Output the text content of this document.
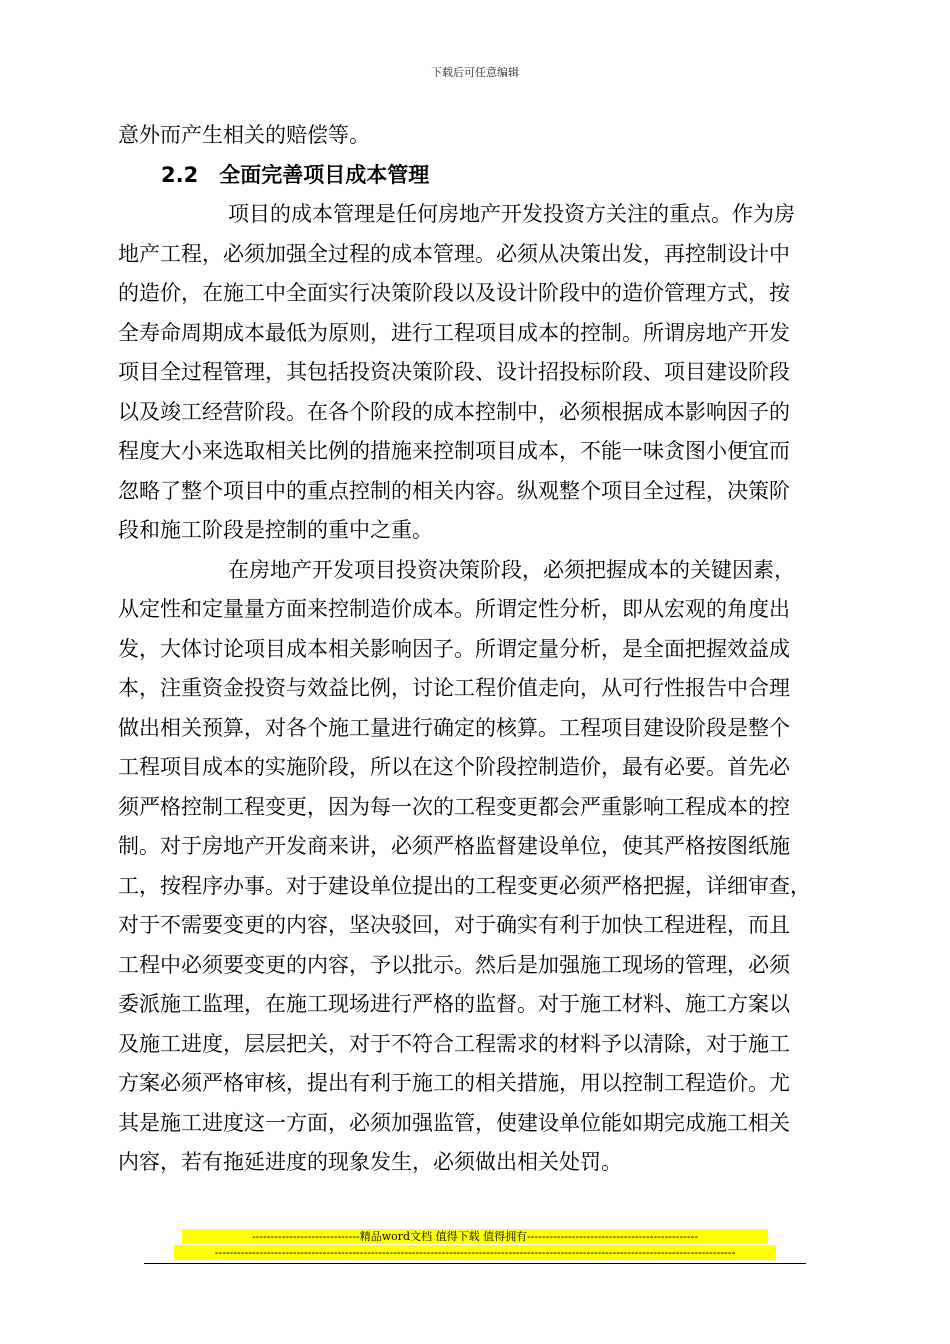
下载后可任意编辑
意外而产生相关的赔偿等。
2.2　全面完善项目成本管理
项目的成本管理是任何房地产开发投资方关注的重点。作为房
地产工程，必须加强全过程的成本管理。必须从决策出发，再控制设计中
的造价，在施工中全面实行决策阶段以及设计阶段中的造价管理方式，按
全寿命周期成本最低为原则，进行工程项目成本的控制。所谓房地产开发
项目全过程管理，其包括投资决策阶段、设计招投标阶段、项目建设阶段
以及竣工经营阶段。在各个阶段的成本控制中，必须根据成本影响因子的
程度大小来选取相关比例的措施来控制项目成本，不能一味贪图小便宜而
忽略了整个项目中的重点控制的相关内容。纵观整个项目全过程，决策阶
段和施工阶段是控制的重中之重。
在房地产开发项目投资决策阶段，必须把握成本的关键因素，
从定性和定量量方面来控制造价成本。所谓定性分析，即从宏观的角度出
发，大体讨论项目成本相关影响因子。所谓定量分析，是全面把握效益成
本，注重资金投资与效益比例，讨论工程价值走向，从可行性报告中合理
做出相关预算，对各个施工量进行确定的核算。工程项目建设阶段是整个
工程项目成本的实施阶段，所以在这个阶段控制造价，最有必要。首先必
须严格控制工程变更，因为每一次的工程变更都会严重影响工程成本的控
制。对于房地产开发商来讲，必须严格监督建设单位，使其严格按图纸施
工，按程序办事。对于建设单位提出的工程变更必须严格把握，详细审查，
对于不需要变更的内容，坚决驳回，对于确实有利于加快工程进程，而且
工程中必须要变更的内容，予以批示。然后是加强施工现场的管理，必须
委派施工监理，在施工现场进行严格的监督。对于施工材料、施工方案以
及施工进度，层层把关，对于不符合工程需求的材料予以清除，对于施工
方案必须严格审核，提出有利于施工的相关措施，用以控制工程造价。尤
其是施工进度这一方面，必须加强监管，使建设单位能如期完成施工相关
内容，若有拖延进度的现象发生，必须做出相关处罚。
-----------------------------精品word文档 值得下载 值得拥有----------------------------------------------
--------------------------------------------------------------------------------------------------------------------------------------------
